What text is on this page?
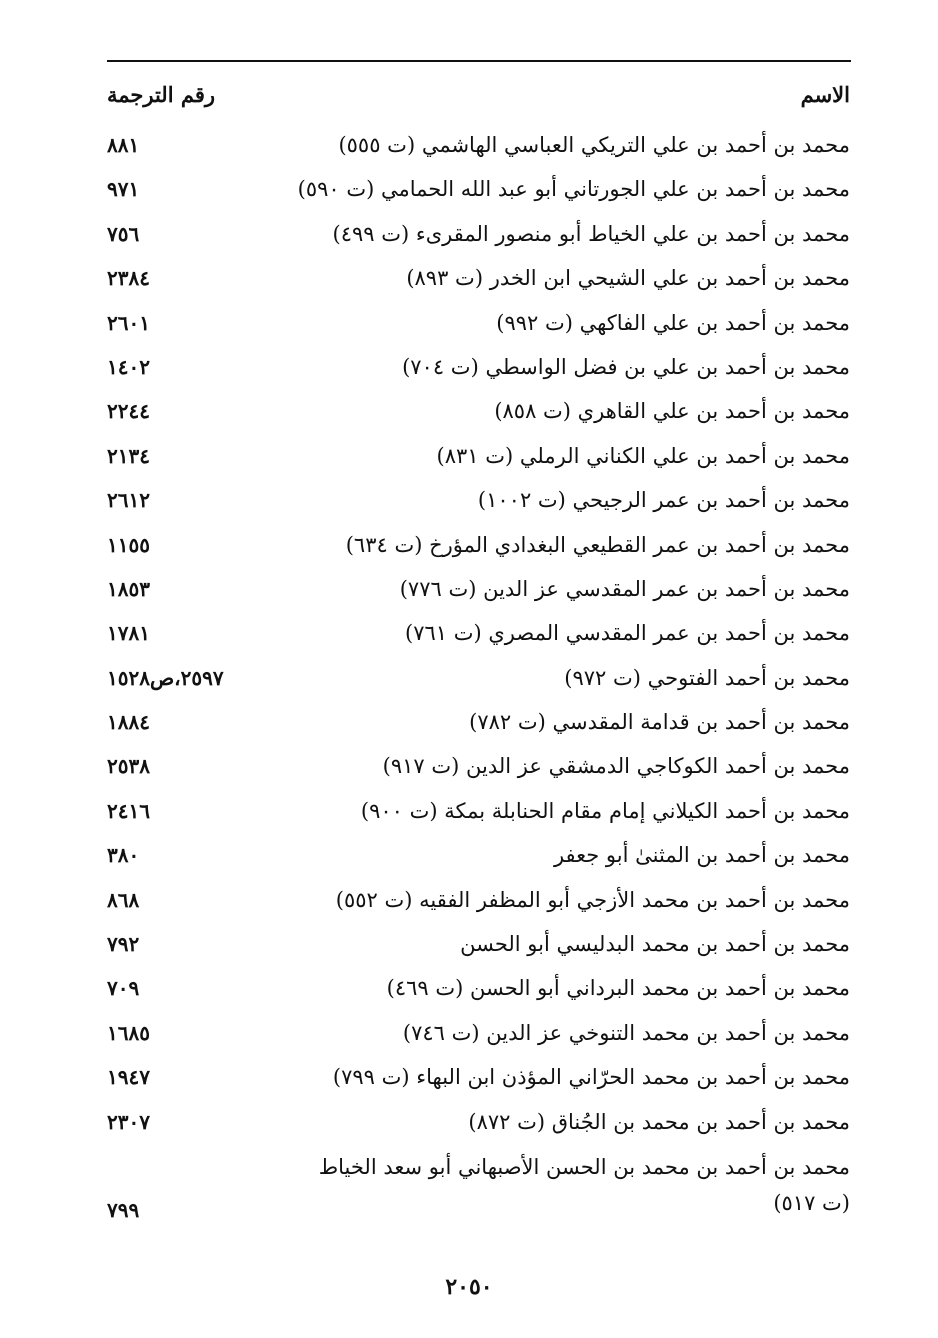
الاسم
رقم الترجمة
محمد بن أحمد بن علي التريكي العباسي الهاشمي (ت ٥٥٥)
٨٨١
محمد بن أحمد بن علي الجورتاني أبو عبد الله الحمامي (ت ٥٩٠)
٩٧١
محمد بن أحمد بن علي الخياط أبو منصور المقرىء (ت ٤٩٩)
٧٥٦
محمد بن أحمد بن علي الشيحي ابن الخدر (ت ٨٩٣)
٢٣٨٤
محمد بن أحمد بن علي الفاكهي (ت ٩٩٢)
٢٦٠١
محمد بن أحمد بن علي بن فضل الواسطي (ت ٧٠٤)
١٤٠٢
محمد بن أحمد بن علي القاهري (ت ٨٥٨)
٢٢٤٤
محمد بن أحمد بن علي الكناني الرملي (ت ٨٣١)
٢١٣٤
محمد بن أحمد بن عمر الرجيحي (ت ١٠٠٢)
٢٦١٢
محمد بن أحمد بن عمر القطيعي البغدادي المؤرخ (ت ٦٣٤)
١١٥٥
محمد بن أحمد بن عمر المقدسي عز الدين (ت ٧٧٦)
١٨٥٣
محمد بن أحمد بن عمر المقدسي المصري (ت ٧٦١)
١٧٨١
محمد بن أحمد الفتوحي (ت ٩٧٢)
٢٥٩٧،ص١٥٢٨
محمد بن أحمد بن قدامة المقدسي (ت ٧٨٢)
١٨٨٤
محمد بن أحمد الكوكاجي الدمشقي عز الدين (ت ٩١٧)
٢٥٣٨
محمد بن أحمد الكيلاني إمام مقام الحنابلة بمكة (ت ٩٠٠)
٢٤١٦
محمد بن أحمد بن المثنىٰ أبو جعفر
٣٨٠
محمد بن أحمد بن محمد الأزجي أبو المظفر الفقيه (ت ٥٥٢)
٨٦٨
محمد بن أحمد بن محمد البدليسي أبو الحسن
٧٩٢
محمد بن أحمد بن محمد البرداني أبو الحسن (ت ٤٦٩)
٧٠٩
محمد بن أحمد بن محمد التنوخي عز الدين (ت ٧٤٦)
١٦٨٥
محمد بن أحمد بن محمد الحرّاني المؤذن ابن البهاء (ت ٧٩٩)
١٩٤٧
محمد بن أحمد بن محمد بن الجُناق (ت ٨٧٢)
٢٣٠٧
محمد بن أحمد بن محمد بن الحسن الأصبهاني أبو سعد الخياط
(ت ٥١٧)
٧٩٩
٢٠٥٠
